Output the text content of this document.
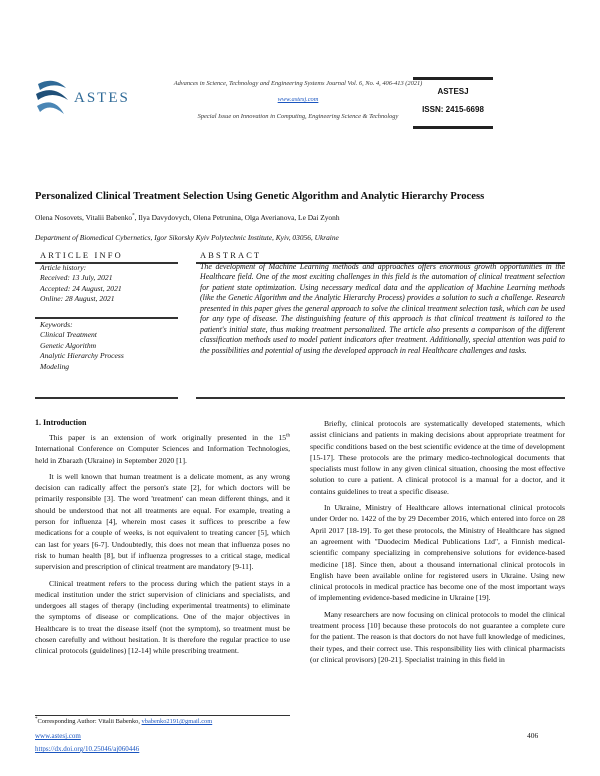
ASTES
Advances in Science, Technology and Engineering Systems Journal Vol. 6, No. 4, 406-413 (2021)
www.astesj.com
Special Issue on Innovation in Computing, Engineering Science & Technology
ASTESJ
ISSN: 2415-6698
Personalized Clinical Treatment Selection Using Genetic Algorithm and Analytic Hierarchy Process
Olena Nosovets, Vitalii Babenko*, Ilya Davydovych, Olena Petrunina, Olga Averianova, Le Dai Zyonh
Department of Biomedical Cybernetics, Igor Sikorsky Kyiv Polytechnic Institute, Kyiv, 03056, Ukraine
ARTICLE INFO	ABSTRACT
Article history:
Received: 13 July, 2021
Accepted: 24 August, 2021
Online: 28 August, 2021
Keywords:
Clinical Treatment
Genetic Algorithm
Analytic Hierarchy Process
Modeling
The development of Machine Learning methods and approaches offers enormous growth opportunities in the Healthcare field. One of the most exciting challenges in this field is the automation of clinical treatment selection for patient state optimization. Using necessary medical data and the application of Machine Learning methods (like the Genetic Algorithm and the Analytic Hierarchy Process) provides a solution to such a challenge. Research presented in this paper gives the general approach to solve the clinical treatment selection task, which can be used for any type of disease. The distinguishing feature of this approach is that clinical treatment is tailored to the patient's initial state, thus making treatment personalized. The article also presents a comparison of the different classification methods used to model patient indicators after treatment. Additionally, special attention was paid to the possibilities and potential of using the developed approach in real Healthcare challenges and tasks.
1. Introduction

This paper is an extension of work originally presented in the 15th International Conference on Computer Sciences and Information Technologies, held in Zbarazh (Ukraine) in September 2020 [1].

It is well known that human treatment is a delicate moment, as any wrong decision can radically affect the person's state [2], for which doctors will be primarily responsible [3]. The word 'treatment' can mean different things, and it should be understood that not all treatments are equal. For example, treating a person for influenza [4], wherein most cases it suffices to prescribe a few medications for a couple of weeks, is not equivalent to treating cancer [5], which can last for years [6-7]. Undoubtedly, this does not mean that influenza poses no risk to human health [8], but if influenza progresses to a critical stage, medical supervision and prescription of clinical treatment are mandatory [9-11].

Clinical treatment refers to the process during which the patient stays in a medical institution under the strict supervision of clinicians and specialists, and undergoes all stages of therapy (including experimental treatments) to eliminate the symptoms of disease or complications. One of the major objectives in Healthcare is to treat the disease itself (not the symptom), so treatment must be chosen carefully and without hesitation. It is therefore the regular practice to use clinical protocols (guidelines) [12-14] while prescribing treatment.

Briefly, clinical protocols are systematically developed statements, which assist clinicians and patients in making decisions about appropriate treatment for specific conditions based on the best scientific evidence at the time of development [15-17]. These protocols are the primary medico-technological documents that specialists must follow in any given clinical situation, choosing the most effective solution to cure a patient. A clinical protocol is a manual for a doctor, and it contains guidelines to treat a specific disease.

In Ukraine, Ministry of Healthcare allows international clinical protocols under Order no. 1422 of the by 29 December 2016, which entered into force on 28 April 2017 [18-19]. To get these protocols, the Ministry of Healthcare has signed an agreement with "Duodecim Medical Publications Ltd", a Finnish medical-scientific company specializing in comprehensive solutions for evidence-based medicine [18]. Since then, about a thousand international clinical protocols in English have been available online for registered users in Ukraine. Using new clinical protocols in medical practice has become one of the most important ways of implementing evidence-based medicine in Ukraine [19].

Many researchers are now focusing on clinical protocols to model the clinical treatment process [10] because these protocols do not guarantee a complete cure for the patient. The reason is that doctors do not have full knowledge of medicines, their types, and their correct use. This responsibility lies with clinical pharmacists (or clinical provisors) [20-21]. Specialist training in this field in

*Corresponding Author: Vitalii Babenko, vbabenko2191@gmail.com
www.astesj.com
https://dx.doi.org/10.25046/aj060446
406
